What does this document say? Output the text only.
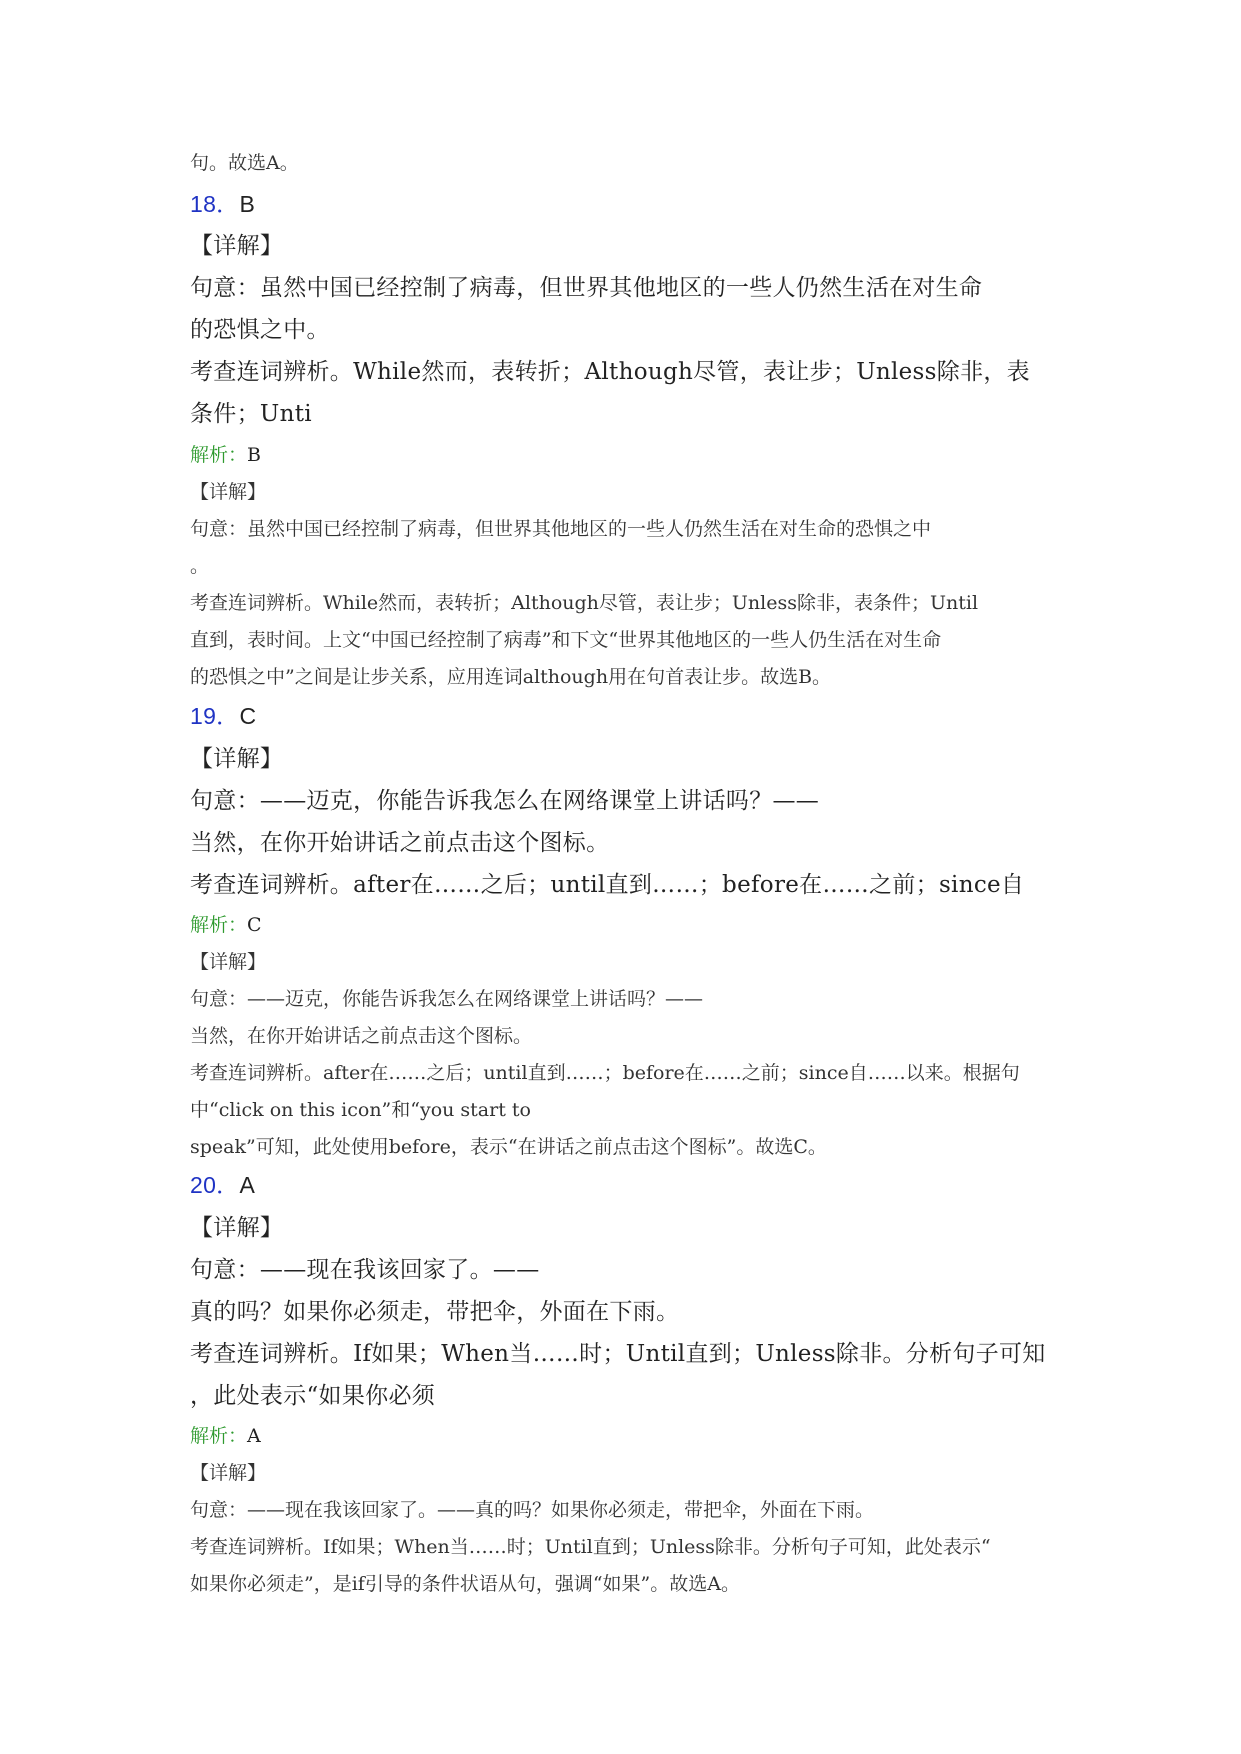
句。故选A。

18．B

【详解】

句意：虽然中国已经控制了病毒，但世界其他地区的一些人仍然生活在对生命

的恐惧之中。

考查连词辨析。While然而，表转折；Although尽管，表让步；Unless除非，表

条件；Unti

解析：B

【详解】

句意：虽然中国已经控制了病毒，但世界其他地区的一些人仍然生活在对生命的恐惧之中

。

考查连词辨析。While然而，表转折；Although尽管，表让步；Unless除非，表条件；Until

直到，表时间。上文“中国已经控制了病毒”和下文“世界其他地区的一些人仍生活在对生命

的恐惧之中”之间是让步关系，应用连词although用在句首表让步。故选B。

19．C

【详解】

句意：——迈克，你能告诉我怎么在网络课堂上讲话吗？——

当然，在你开始讲话之前点击这个图标。

考查连词辨析。after在……之后；until直到……；before在……之前；since自

解析：C

【详解】

句意：——迈克，你能告诉我怎么在网络课堂上讲话吗？——

当然，在你开始讲话之前点击这个图标。

考查连词辨析。after在……之后；until直到……；before在……之前；since自……以来。根据句

中“click on this icon”和“you start to

speak”可知，此处使用before，表示“在讲话之前点击这个图标”。故选C。

20．A

【详解】

句意：——现在我该回家了。——

真的吗？如果你必须走，带把伞，外面在下雨。

考查连词辨析。If如果；When当……时；Until直到；Unless除非。分析句子可知

，此处表示“如果你必须

解析：A

【详解】

句意：——现在我该回家了。——真的吗？如果你必须走，带把伞，外面在下雨。

考查连词辨析。If如果；When当……时；Until直到；Unless除非。分析句子可知，此处表示“

如果你必须走”，是if引导的条件状语从句，强调“如果”。故选A。
